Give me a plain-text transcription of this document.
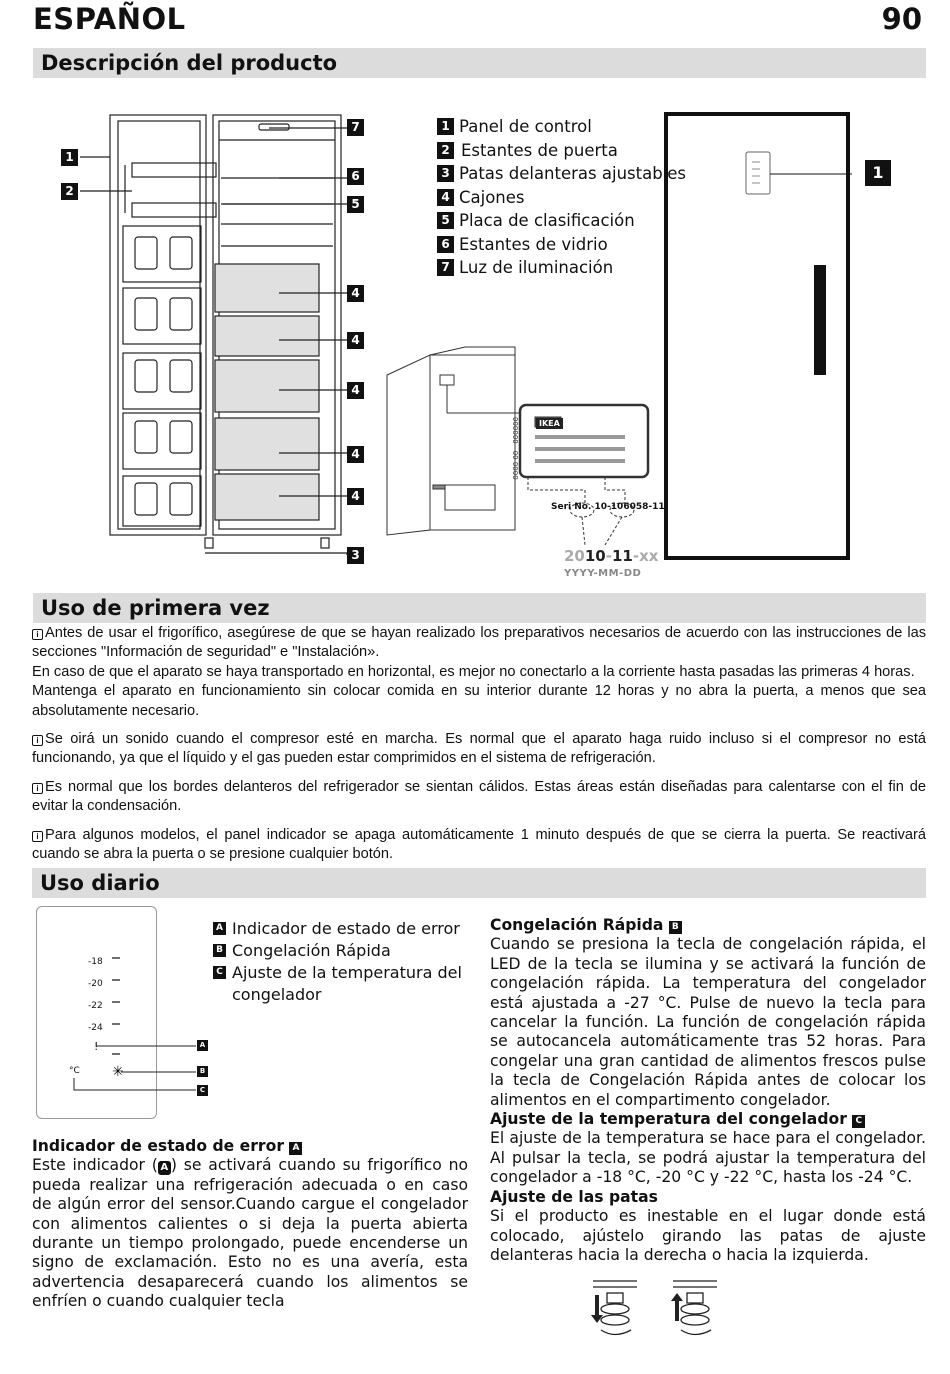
ESPAÑOL	90
Descripción del producto
1
2
7
6
5
4
4
4
4
4
3
1 Panel de control
2 Estantes de puerta
3 Patas delanteras ajustables
4 Cajones
5 Placa de clasificación
6 Estantes de vidrio
7 Luz de iluminación
000000 - 00 0000	IKEA
Seri No. 10-106058-11
2010-11-xx
YYYY-MM-DD
1
Uso de primera vez

i Antes de usar el frigorífico, asegúrese de que se hayan realizado los preparativos necesarios de acuerdo con las instrucciones de las secciones "Información de seguridad" e "Instalación».

En caso de que el aparato se haya transportado en horizontal, es mejor no conectarlo a la corriente hasta pasadas las primeras 4 horas.

Mantenga el aparato en funcionamiento sin colocar comida en su interior durante 12 horas y no abra la puerta, a menos que sea absolutamente necesario.

i Se oirá un sonido cuando el compresor esté en marcha. Es normal que el aparato haga ruido incluso si el compresor no está funcionando, ya que el líquido y el gas pueden estar comprimidos en el sistema de refrigeración.

i Es normal que los bordes delanteros del refrigerador se sientan cálidos. Estas áreas están diseñadas para calentarse con el fin de evitar la condensación.

i Para algunos modelos, el panel indicador se apaga automáticamente 1 minuto después de que se cierra la puerta. Se reactivará cuando se abra la puerta o se presione cualquier botón.

Uso diario
-18
-20
-22
-24
✳
!
°C
A
B
C
A Indicador de estado de error
B Congelación Rápida
C Ajuste de la temperatura del congelador
Indicador de estado de error A

Este indicador ( A ) se activará cuando su frigorífico no pueda realizar una refrigeración adecuada o en caso de algún error del sensor.Cuando cargue el congelador con alimentos calientes o si deja la puerta abierta durante un tiempo prolongado, puede encenderse un signo de exclamación. Esto no es una avería, esta advertencia desaparecerá cuando los alimentos se enfríen o cuando cualquier tecla

Congelación Rápida B

Cuando se presiona la tecla de congelación rápida, el LED de la tecla se ilumina y se activará la función de congelación rápida. La temperatura del congelador está ajustada a -27 °C. Pulse de nuevo la tecla para cancelar la función. La función de congelación rápida se autocancela automáticamente tras 52 horas. Para congelar una gran cantidad de alimentos frescos pulse la tecla de Congelación Rápida antes de colocar los alimentos en el compartimento congelador.

Ajuste de la temperatura del congelador C

El ajuste de la temperatura se hace para el congelador. Al pulsar la tecla, se podrá ajustar la temperatura del congelador a -18 °C, -20 °C y -22 °C, hasta los -24 °C.

Ajuste de las patas

Si el producto es inestable en el lugar donde está colocado, ajústelo girando las patas de ajuste delanteras hacia la derecha o hacia la izquierda.
